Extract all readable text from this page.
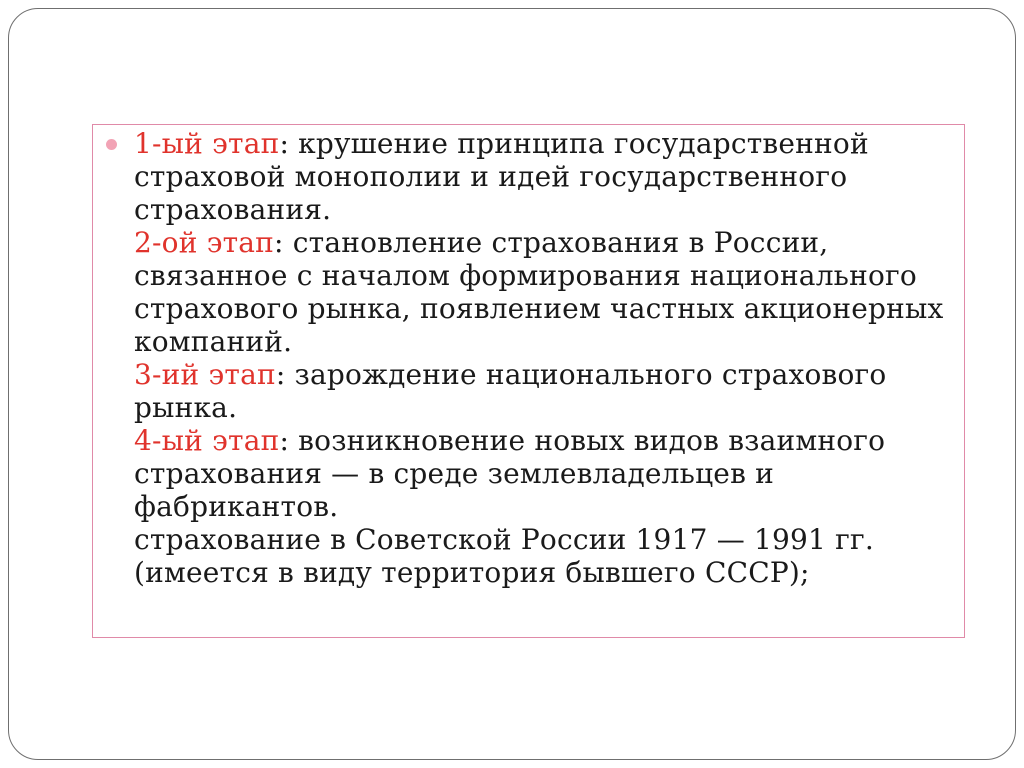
1-ый этап: крушение принципа государственной страховой монополии и идей государственного страхования.
2-ой этап: становление страхования в России, связанное с началом формирования национального страхового рынка, появлением частных акционерных компаний.
3-ий этап: зарождение национального страхового рынка.
4-ый этап: возникновение новых видов взаимного страхования — в среде землевладельцев и фабрикантов.
страхование в Советской России 1917 — 1991 гг. (имеется в виду территория бывшего СССР);
